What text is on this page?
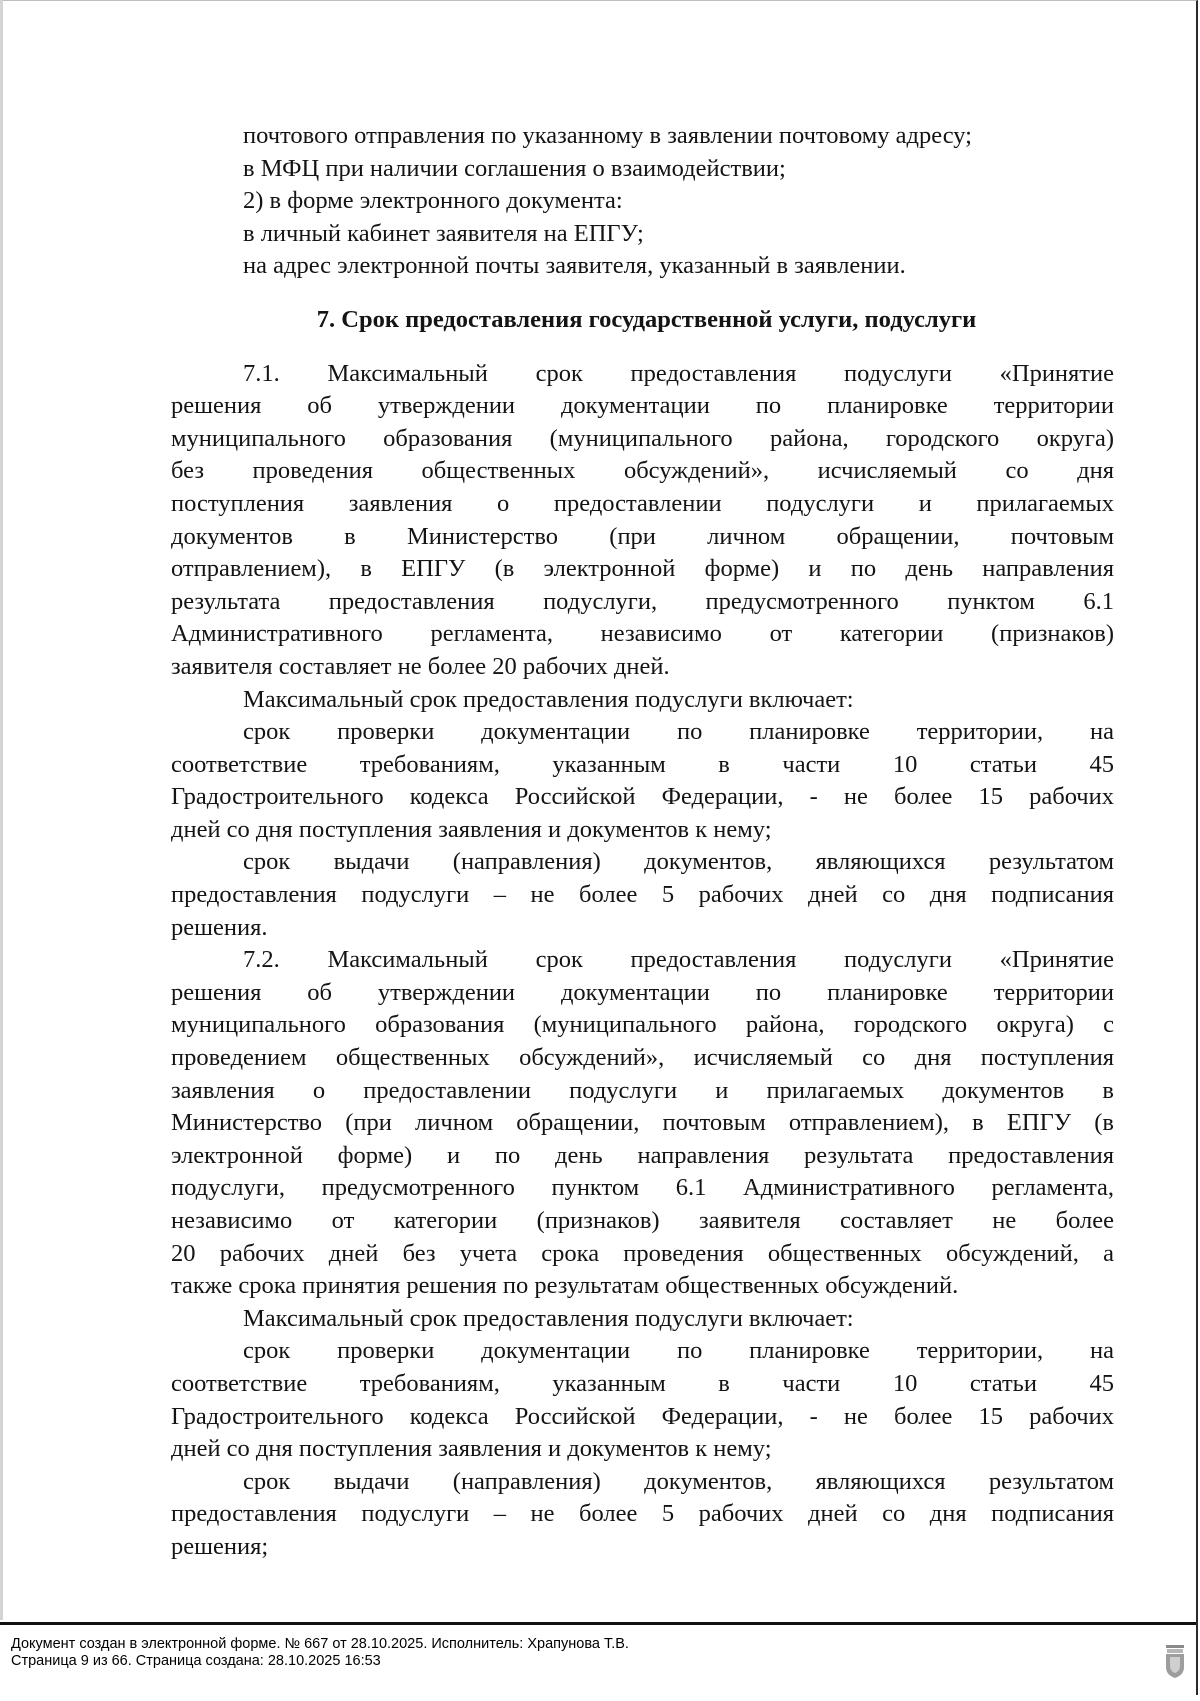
почтового отправления по указанному в заявлении почтовому адресу;
в МФЦ при наличии соглашения о взаимодействии;
2) в форме электронного документа:
в личный кабинет заявителя на ЕПГУ;
на адрес электронной почты заявителя, указанный в заявлении.
7. Срок предоставления государственной услуги, подуслуги
7.1. Максимальный срок предоставления подуслуги «Принятие
решения об утверждении документации по планировке территории
муниципального образования (муниципального района, городского округа)
без проведения общественных обсуждений», исчисляемый со дня
поступления заявления о предоставлении подуслуги и прилагаемых
документов в Министерство (при личном обращении, почтовым
отправлением), в ЕПГУ (в электронной форме) и по день направления
результата предоставления подуслуги, предусмотренного пунктом 6.1
Административного регламента, независимо от категории (признаков)
заявителя составляет не более 20 рабочих дней.
Максимальный срок предоставления подуслуги включает:
срок проверки документации по планировке территории, на
соответствие требованиям, указанным в части 10 статьи 45
Градостроительного кодекса Российской Федерации, - не более 15 рабочих
дней со дня поступления заявления и документов к нему;
срок выдачи (направления) документов, являющихся результатом
предоставления подуслуги – не более 5 рабочих дней со дня подписания
решения.
7.2. Максимальный срок предоставления подуслуги «Принятие
решения об утверждении документации по планировке территории
муниципального образования (муниципального района, городского округа) с
проведением общественных обсуждений», исчисляемый со дня поступления
заявления о предоставлении подуслуги и прилагаемых документов в
Министерство (при личном обращении, почтовым отправлением), в ЕПГУ (в
электронной форме) и по день направления результата предоставления
подуслуги, предусмотренного пунктом 6.1 Административного регламента,
независимо от категории (признаков) заявителя составляет не более
20 рабочих дней без учета срока проведения общественных обсуждений, а
также срока принятия решения по результатам общественных обсуждений.
Максимальный срок предоставления подуслуги включает:
срок проверки документации по планировке территории, на
соответствие требованиям, указанным в части 10 статьи 45
Градостроительного кодекса Российской Федерации, - не более 15 рабочих
дней со дня поступления заявления и документов к нему;
срок выдачи (направления) документов, являющихся результатом
предоставления подуслуги – не более 5 рабочих дней со дня подписания
решения;
Документ создан в электронной форме. № 667 от 28.10.2025. Исполнитель: Храпунова Т.В.
Страница 9 из 66. Страница создана: 28.10.2025 16:53
